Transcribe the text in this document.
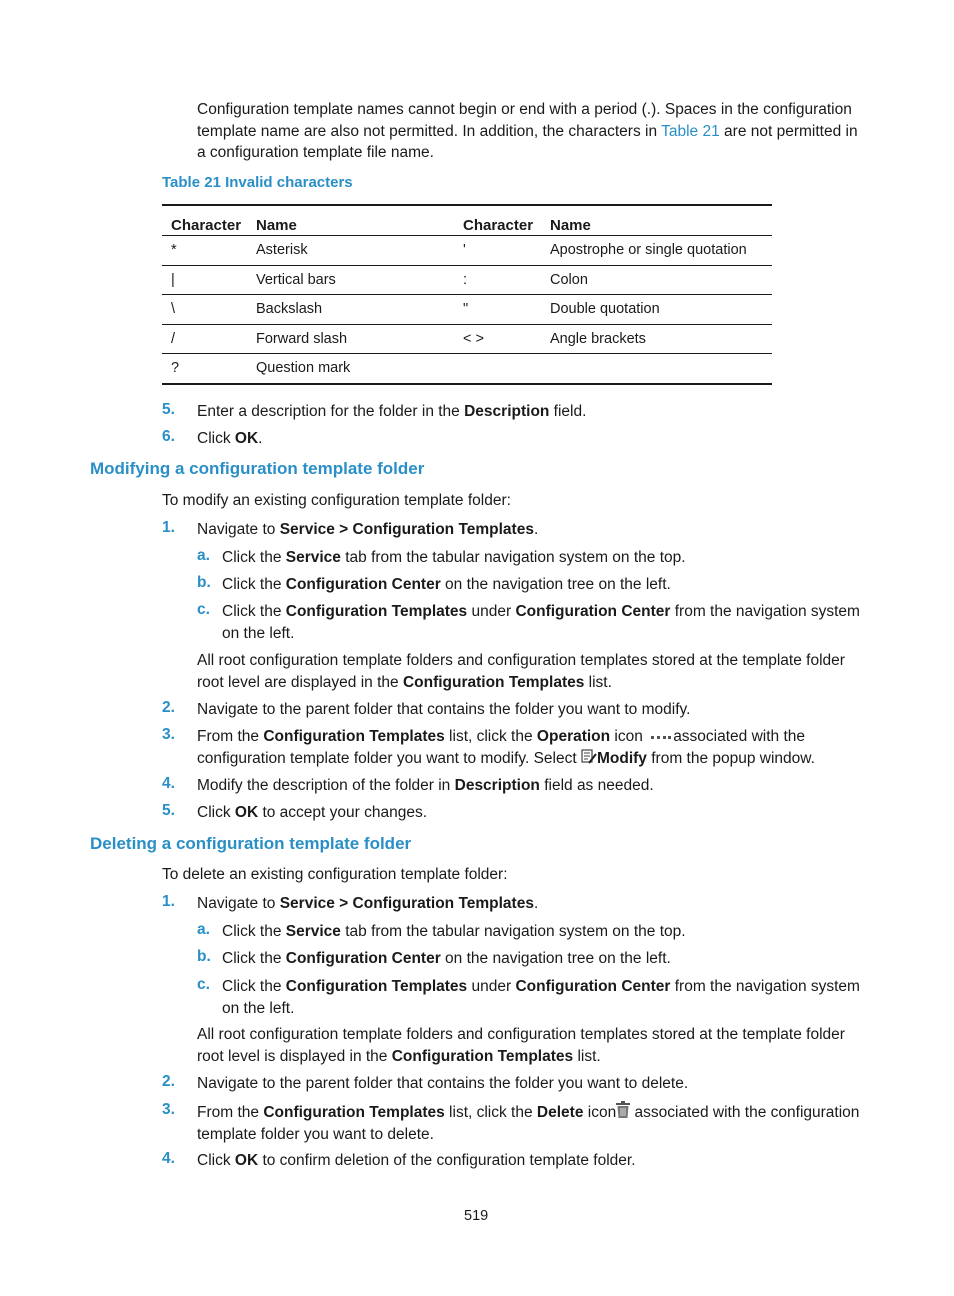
Configuration template names cannot begin or end with a period (.). Spaces in the configuration template name are also not permitted. In addition, the characters in Table 21 are not permitted in a configuration template file name.
Table 21 Invalid characters
Character	Name	Character	Name
*	Asterisk	'	Apostrophe or single quotation
|	Vertical bars	:	Colon
\	Backslash	"	Double quotation
/	Forward slash	< >	Angle brackets
?	Question mark		
5. Enter a description for the folder in the Description field.
6. Click OK.
Modifying a configuration template folder
To modify an existing configuration template folder:
1. Navigate to Service > Configuration Templates.
a. Click the Service tab from the tabular navigation system on the top.
b. Click the Configuration Center on the navigation tree on the left.
c. Click the Configuration Templates under Configuration Center from the navigation system on the left.
All root configuration template folders and configuration templates stored at the template folder root level are displayed in the Configuration Templates list.
2. Navigate to the parent folder that contains the folder you want to modify.
3. From the Configuration Templates list, click the Operation icon associated with the configuration template folder you want to modify. Select Modify from the popup window.
4. Modify the description of the folder in Description field as needed.
5. Click OK to accept your changes.
Deleting a configuration template folder
To delete an existing configuration template folder:
1. Navigate to Service > Configuration Templates.
a. Click the Service tab from the tabular navigation system on the top.
b. Click the Configuration Center on the navigation tree on the left.
c. Click the Configuration Templates under Configuration Center from the navigation system on the left.
All root configuration template folders and configuration templates stored at the template folder root level is displayed in the Configuration Templates list.
2. Navigate to the parent folder that contains the folder you want to delete.
3. From the Configuration Templates list, click the Delete icon associated with the configuration template folder you want to delete.
4. Click OK to confirm deletion of the configuration template folder.
519
